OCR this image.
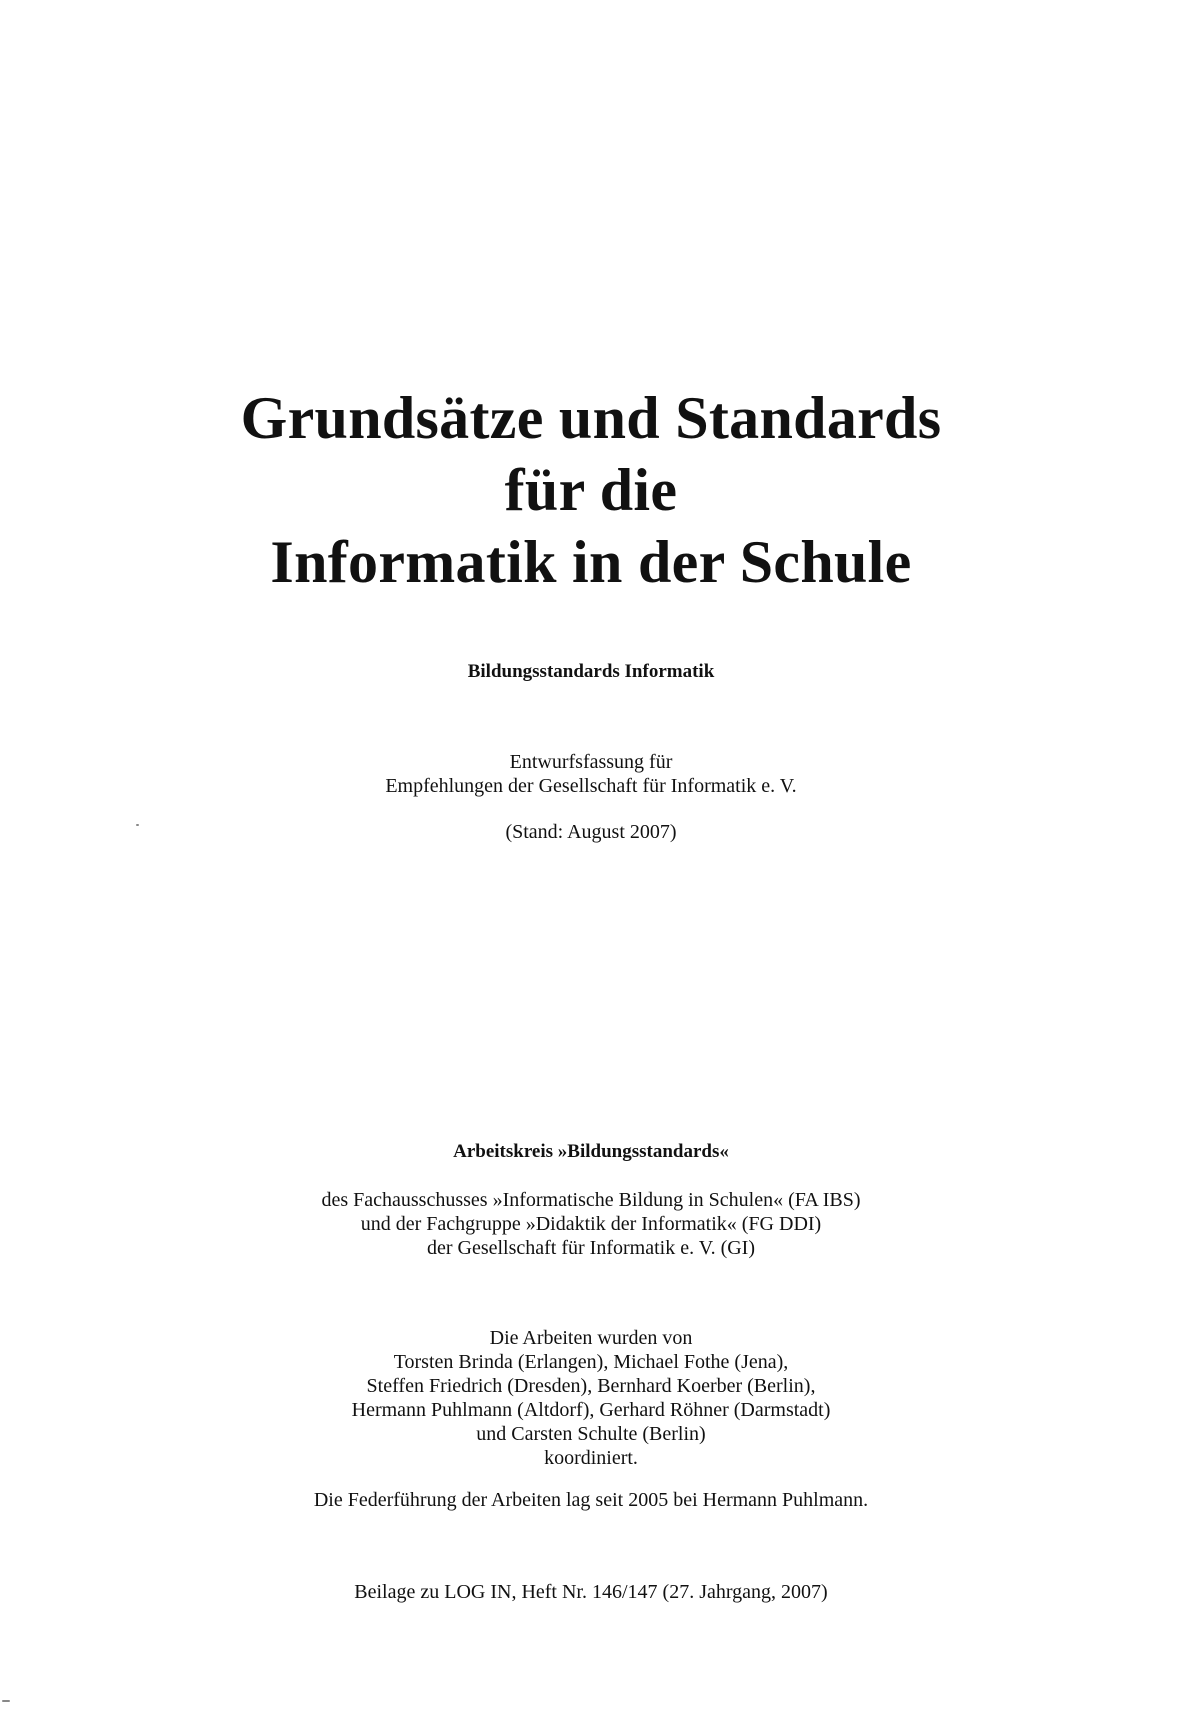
Grundsätze und Standards
für die
Informatik in der Schule
Bildungsstandards Informatik
Entwurfsfassung für
Empfehlungen der Gesellschaft für Informatik e. V.
(Stand: August 2007)
Arbeitskreis »Bildungsstandards«
des Fachausschusses »Informatische Bildung in Schulen« (FA IBS)
und der Fachgruppe »Didaktik der Informatik« (FG DDI)
der Gesellschaft für Informatik e. V. (GI)
Die Arbeiten wurden von
Torsten Brinda (Erlangen), Michael Fothe (Jena),
Steffen Friedrich (Dresden), Bernhard Koerber (Berlin),
Hermann Puhlmann (Altdorf), Gerhard Röhner (Darmstadt)
und Carsten Schulte (Berlin)
koordiniert.
Die Federführung der Arbeiten lag seit 2005 bei Hermann Puhlmann.
Beilage zu LOG IN, Heft Nr. 146/147 (27. Jahrgang, 2007)
